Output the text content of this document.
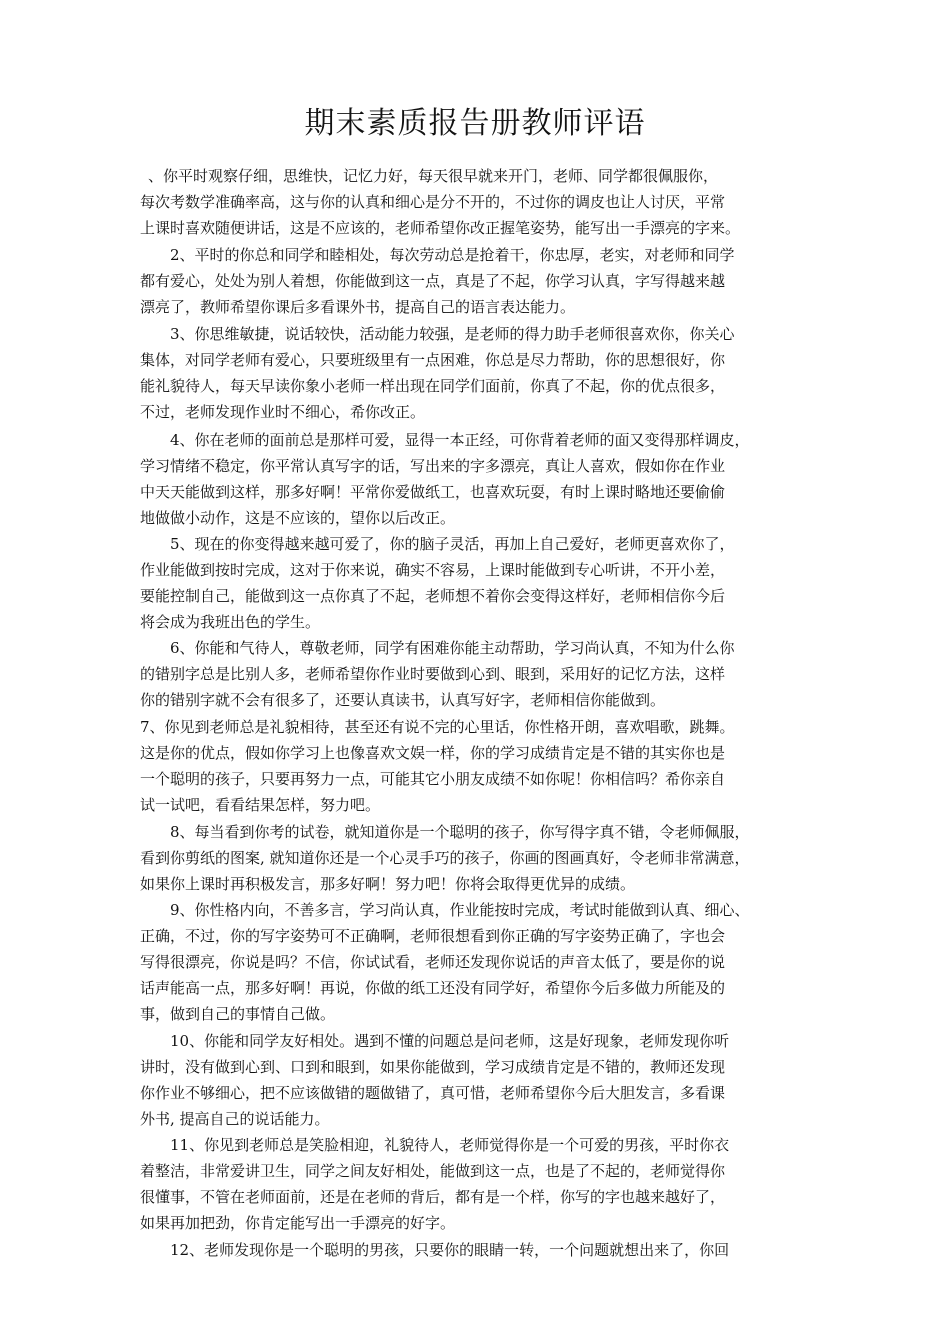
期末素质报告册教师评语
、你平时观察仔细，思维快，记忆力好，每天很早就来开门，老师、同学都很佩服你，
每次考数学准确率高，这与你的认真和细心是分不开的，不过你的调皮也让人讨厌，平常
上课时喜欢随便讲话，这是不应该的，老师希望你改正握笔姿势，能写出一手漂亮的字来。
2、平时的你总和同学和睦相处，每次劳动总是抢着干，你忠厚，老实，对老师和同学
都有爱心，处处为别人着想，你能做到这一点，真是了不起，你学习认真，字写得越来越
漂亮了，教师希望你课后多看课外书，提高自己的语言表达能力。
3、你思维敏捷，说话较快，活动能力较强，是老师的得力助手老师很喜欢你，你关心
集体，对同学老师有爱心，只要班级里有一点困难，你总是尽力帮助，你的思想很好，你
能礼貌待人，每天早读你象小老师一样出现在同学们面前，你真了不起，你的优点很多，
不过，老师发现作业时不细心，希你改正。
4、你在老师的面前总是那样可爱，显得一本正经，可你背着老师的面又变得那样调皮，
学习情绪不稳定，你平常认真写字的话，写出来的字多漂亮，真让人喜欢，假如你在作业
中天天能做到这样，那多好啊！平常你爱做纸工，也喜欢玩耍，有时上课时略地还要偷偷
地做做小动作，这是不应该的，望你以后改正。
5、现在的你变得越来越可爱了，你的脑子灵活，再加上自己爱好，老师更喜欢你了，
作业能做到按时完成，这对于你来说，确实不容易，上课时能做到专心听讲，不开小差，
要能控制自己，能做到这一点你真了不起，老师想不着你会变得这样好，老师相信你今后
将会成为我班出色的学生。
6、你能和气待人，尊敬老师，同学有困难你能主动帮助，学习尚认真，不知为什么你
的错别字总是比别人多，老师希望你作业时要做到心到、眼到，采用好的记忆方法，这样
你的错别字就不会有很多了，还要认真读书，认真写好字，老师相信你能做到。
7、你见到老师总是礼貌相待，甚至还有说不完的心里话，你性格开朗，喜欢唱歌，跳舞。
这是你的优点，假如你学习上也像喜欢文娱一样，你的学习成绩肯定是不错的其实你也是
一个聪明的孩子，只要再努力一点，可能其它小朋友成绩不如你呢！你相信吗？希你亲自
试一试吧，看看结果怎样，努力吧。
8、每当看到你考的试卷，就知道你是一个聪明的孩子，你写得字真不错，令老师佩服，
看到你剪纸的图案, 就知道你还是一个心灵手巧的孩子，你画的图画真好，令老师非常满意，
如果你上课时再积极发言，那多好啊！努力吧！你将会取得更优异的成绩。
9、你性格内向，不善多言，学习尚认真，作业能按时完成，考试时能做到认真、细心、
正确，不过，你的写字姿势可不正确啊，老师很想看到你正确的写字姿势正确了，字也会
写得很漂亮，你说是吗？不信，你试试看，老师还发现你说话的声音太低了，要是你的说
话声能高一点，那多好啊！再说，你做的纸工还没有同学好，希望你今后多做力所能及的
事，做到自己的事情自己做。
10、你能和同学友好相处。遇到不懂的问题总是问老师，这是好现象，老师发现你听
讲时，没有做到心到、口到和眼到，如果你能做到，学习成绩肯定是不错的，教师还发现
你作业不够细心，把不应该做错的题做错了，真可惜，老师希望你今后大胆发言，多看课
外书, 提高自己的说话能力。
11、你见到老师总是笑脸相迎，礼貌待人，老师觉得你是一个可爱的男孩，平时你衣
着整洁，非常爱讲卫生，同学之间友好相处，能做到这一点，也是了不起的，老师觉得你
很懂事，不管在老师面前，还是在老师的背后，都有是一个样，你写的字也越来越好了，
如果再加把劲，你肯定能写出一手漂亮的好字。
12、老师发现你是一个聪明的男孩，只要你的眼睛一转，一个问题就想出来了，你回
